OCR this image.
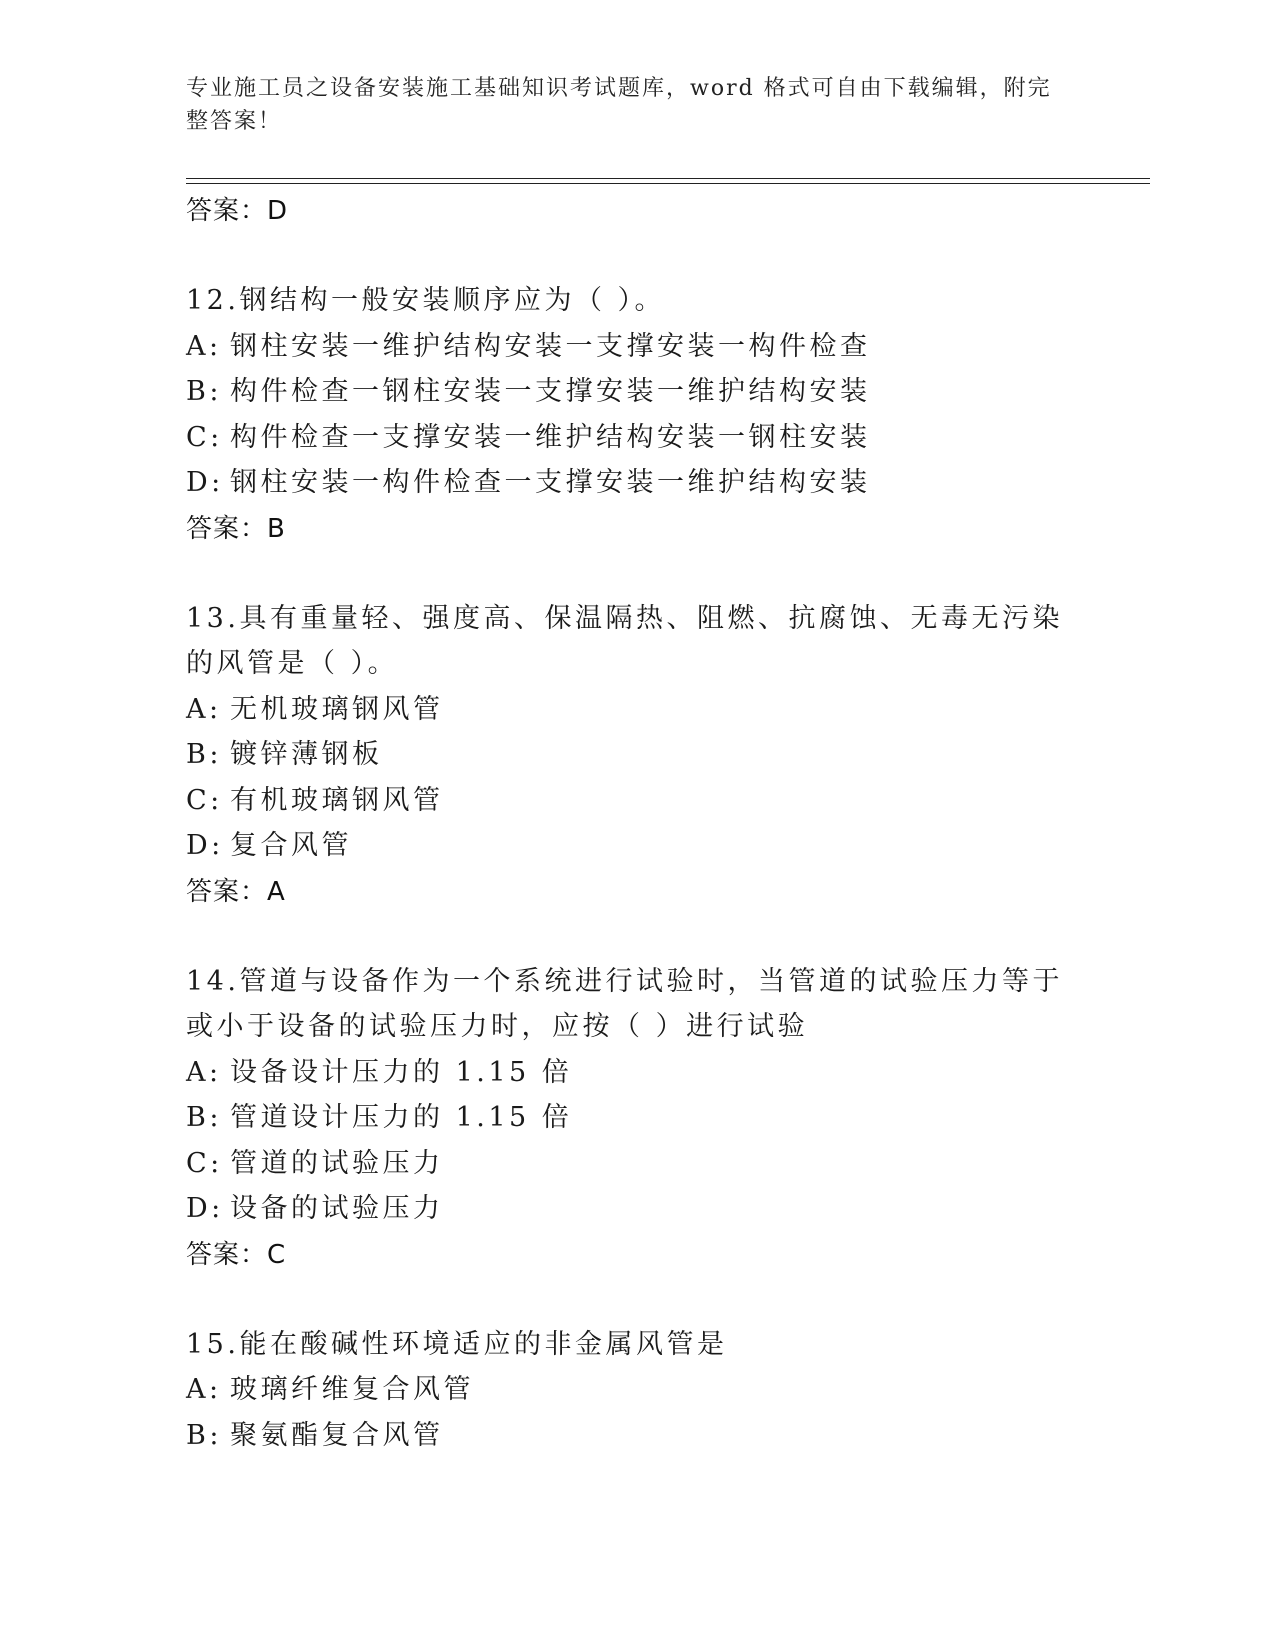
专业施工员之设备安装施工基础知识考试题库，word 格式可自由下载编辑，附完整答案！
答案：D
12.钢结构一般安装顺序应为（ ）。
A: 钢柱安装一维护结构安装一支撑安装一构件检查
B: 构件检查一钢柱安装一支撑安装一维护结构安装
C: 构件检查一支撑安装一维护结构安装一钢柱安装
D: 钢柱安装一构件检查一支撑安装一维护结构安装
答案：B
13.具有重量轻、强度高、保温隔热、阻燃、抗腐蚀、无毒无污染的风管是（ ）。
A: 无机玻璃钢风管
B: 镀锌薄钢板
C: 有机玻璃钢风管
D: 复合风管
答案：A
14.管道与设备作为一个系统进行试验时，当管道的试验压力等于或小于设备的试验压力时，应按（ ）进行试验
A: 设备设计压力的 1.15 倍
B: 管道设计压力的 1.15 倍
C: 管道的试验压力
D: 设备的试验压力
答案：C
15.能在酸碱性环境适应的非金属风管是
A: 玻璃纤维复合风管
B: 聚氨酯复合风管
